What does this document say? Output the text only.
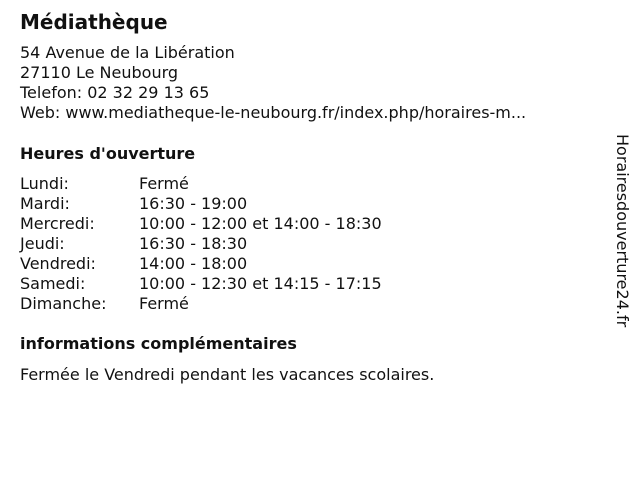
Médiathèque
54 Avenue de la Libération
27110 Le Neubourg
Telefon: 02 32 29 13 65
Web: www.mediatheque-le-neubourg.fr/index.php/horaires-m...
Heures d'ouverture
Lundi:	Fermé
Mardi:	16:30 - 19:00
Mercredi:	10:00 - 12:00 et 14:00 - 18:30
Jeudi:	16:30 - 18:30
Vendredi:	14:00 - 18:00
Samedi:	10:00 - 12:30 et 14:15 - 17:15
Dimanche:	Fermé
informations complémentaires
Fermée le Vendredi pendant les vacances scolaires.
Horairesdouverture24.fr
